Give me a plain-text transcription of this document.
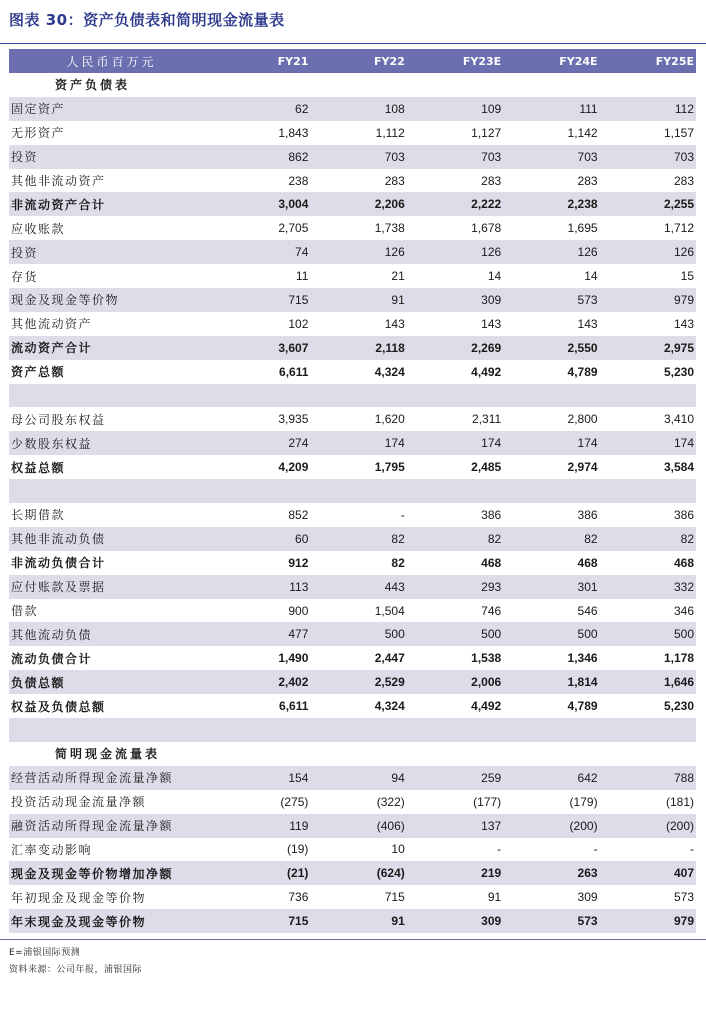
图表 30：资产负债表和简明现金流量表
人民币百万元	FY21	FY22	FY23E	FY24E	FY25E
资产负债表					
固定资产	62	108	109	111	112
无形资产	1,843	1,112	1,127	1,142	1,157
投资	862	703	703	703	703
其他非流动资产	238	283	283	283	283
非流动资产合计	3,004	2,206	2,222	2,238	2,255
应收账款	2,705	1,738	1,678	1,695	1,712
投资	74	126	126	126	126
存货	11	21	14	14	15
现金及现金等价物	715	91	309	573	979
其他流动资产	102	143	143	143	143
流动资产合计	3,607	2,118	2,269	2,550	2,975
资产总额	6,611	4,324	4,492	4,789	5,230

母公司股东权益	3,935	1,620	2,311	2,800	3,410
少数股东权益	274	174	174	174	174
权益总额	4,209	1,795	2,485	2,974	3,584

长期借款	852	-	386	386	386
其他非流动负债	60	82	82	82	82
非流动负债合计	912	82	468	468	468
应付账款及票据	113	443	293	301	332
借款	900	1,504	746	546	346
其他流动负债	477	500	500	500	500
流动负债合计	1,490	2,447	1,538	1,346	1,178
负债总额	2,402	2,529	2,006	1,814	1,646
权益及负债总额	6,611	4,324	4,492	4,789	5,230

简明现金流量表					
经营活动所得现金流量净额	154	94	259	642	788
投资活动现金流量净额	(275)	(322)	(177)	(179)	(181)
融资活动所得现金流量净额	119	(406)	137	(200)	(200)
汇率变动影响	(19)	10	-	-	-
现金及现金等价物增加净额	(21)	(624)	219	263	407
年初现金及现金等价物	736	715	91	309	573
年末现金及现金等价物	715	91	309	573	979
E=浦银国际预测
资料来源：公司年报，浦银国际
